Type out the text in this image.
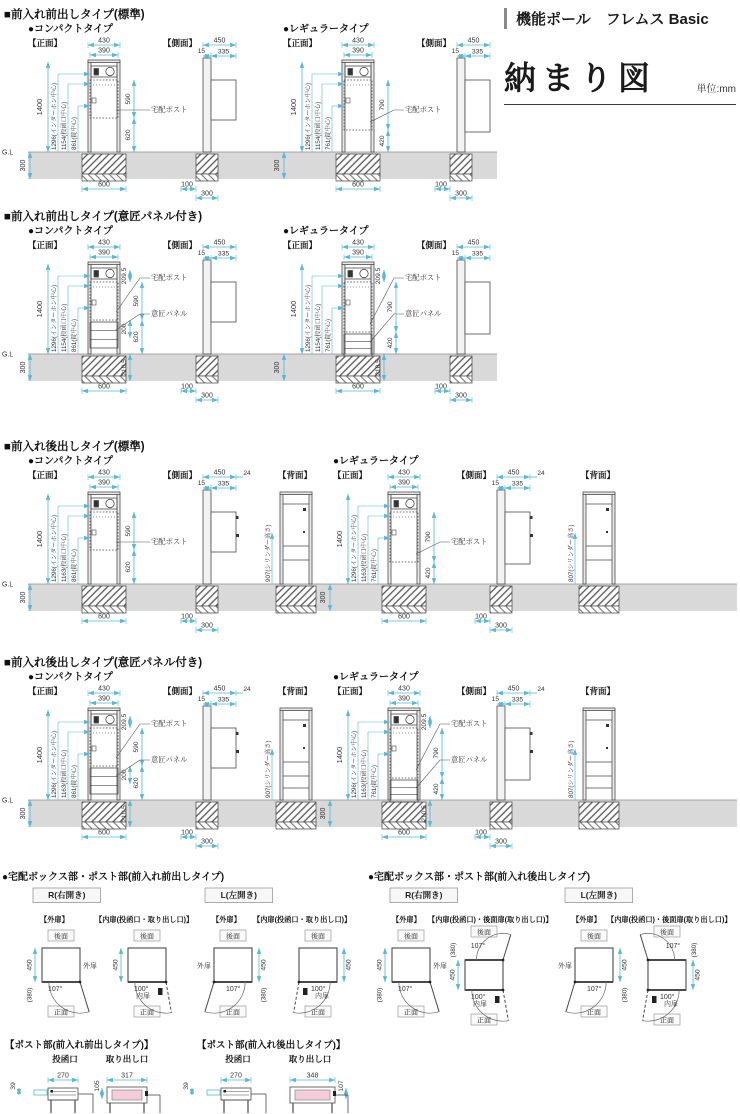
G.L
■前入れ前出しタイプ(標準)
●コンパクトタイプ
【正面】	430
390
600
1400
300
1296(インターホン中心) 1154(投函口中心) 861(錠中心)
590
620
宅配ポスト
【側面】 450
15 335
100
300
●レギュラータイプ
【正面】	430
390
600
1400
300
1296(インターホン中心) 1154(投函口中心) 761(錠中心)
790
420
宅配ポスト
【側面】 450
15 335
100
300
G.L
■前入れ前出しタイプ(意匠パネル付き)
●コンパクトタイプ
【正面】	430
390
600
1400
300
1296(インターホン中心) 1154(投函口中心) 861(錠中心)
209.5
590
200
620
210.5
宅配ポスト
意匠パネル
【側面】 450
15 335
100
300
●レギュラータイプ
【正面】	430
390
600
1400
300
1296(インターホン中心) 1154(投函口中心) 761(錠中心)
209.5
790
420
210.5
宅配ポスト
意匠パネル
【側面】 450
15 335
100
300
G.L
■前入れ後出しタイプ(標準)
●コンパクトタイプ
【正面】	430
390
600
1400
300
1296(インターホン中心) 1163(投函口中心) 861(錠中心)
590
620
宅配ポスト
【側面】 450
15 335
24
100
300
【背面】
907(シリンダー高さ)
●レギュラータイプ
【正面】	430
390
600
1400
300
1296(インターホン中心) 1163(投函口中心) 761(錠中心)
790
420
宅配ポスト
【側面】 450
15 335
24
100
300
【背面】
807(シリンダー高さ)
G.L
■前入れ後出しタイプ(意匠パネル付き)
●コンパクトタイプ
【正面】	430
390
600
1400
300
1296(インターホン中心) 1163(投函口中心) 861(錠中心)
209.5
590
200
620
210.5
宅配ポスト
意匠パネル
【側面】 450
15 335
24
100
300
【背面】
907(シリンダー高さ)
●レギュラータイプ
【正面】	430
390
600
1400
300
1296(インターホン中心) 1163(投函口中心) 761(錠中心)
209.5
790
420
210.5
宅配ポスト
意匠パネル
【側面】 450
15 335
24
100
300
【背面】
807(シリンダー高さ)
●宅配ボックス部・ポスト部(前入れ前出しタイプ)
R(右開き)
【外扉】
後面
正面
107°
外扉
450
(380)
【内扉(投函口・取り出し口)】
後面
正面
100°
内扉
450
L(左開き)
【外扉】
後面
正面
107°
外扉	450
(380)
【内扉(投函口・取り出し口)】
後面
正面
100°
内扉
450
●宅配ボックス部・ポスト部(前入れ後出しタイプ)
R(右開き)
【外扉】
後面
正面
107°
外扉
450
(380)
【内扉(投函口)・後面扉(取り出し口)】
後面
正面
100°
内扉
450
107°
(380)
L(左開き)
【外扉】
後面
正面
107°
外扉	450
(380)
【内扉(投函口)・後面扉(取り出し口)】
後面
正面
100°
内扉
450
107° (380)
【ポスト部(前入れ前出しタイプ)】
投函口
270
39
取り出し口
317
105
【ポスト部(前入れ後出しタイプ)】
投函口
270
39
取り出し口
348
107
機能ポール　フレムス Basic
納まり図	単位:mm
